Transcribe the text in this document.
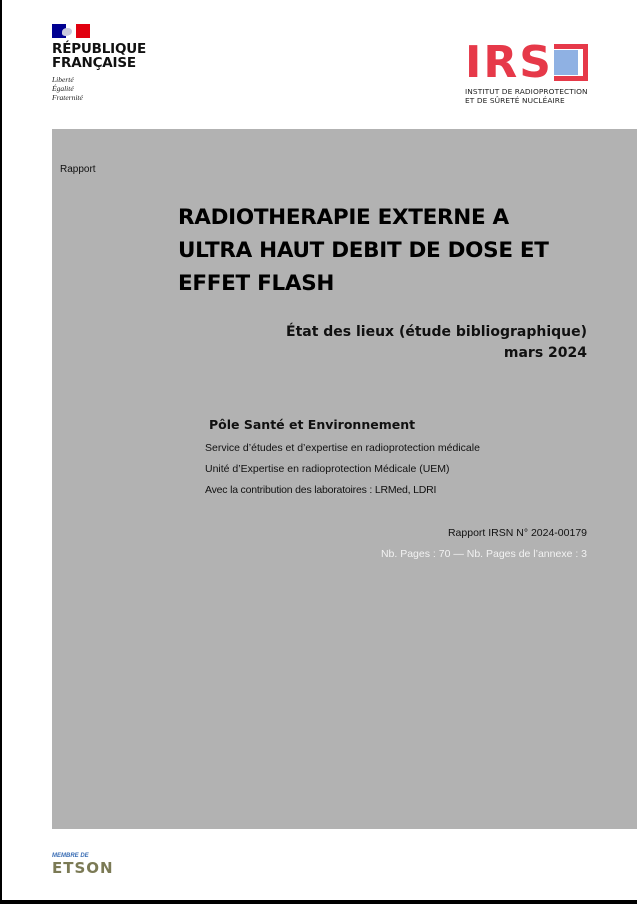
RÉPUBLIQUE
FRANÇAISE
Liberté
Égalité
Fraternité
IRS
INSTITUT DE RADIOPROTECTION
ET DE SÛRETÉ NUCLÉAIRE
Rapport
RADIOTHERAPIE EXTERNE A
ULTRA HAUT DEBIT DE DOSE ET
EFFET FLASH
État des lieux (étude bibliographique)
mars 2024
Pôle Santé et Environnement
Service d’études et d’expertise en radioprotection médicale
Unité d’Expertise en radioprotection Médicale (UEM)
Avec la contribution des laboratoires : LRMed, LDRI
Rapport IRSN N° 2024-00179
Nb. Pages : 70 — Nb. Pages de l’annexe : 3
MEMBRE DE
ETSON
